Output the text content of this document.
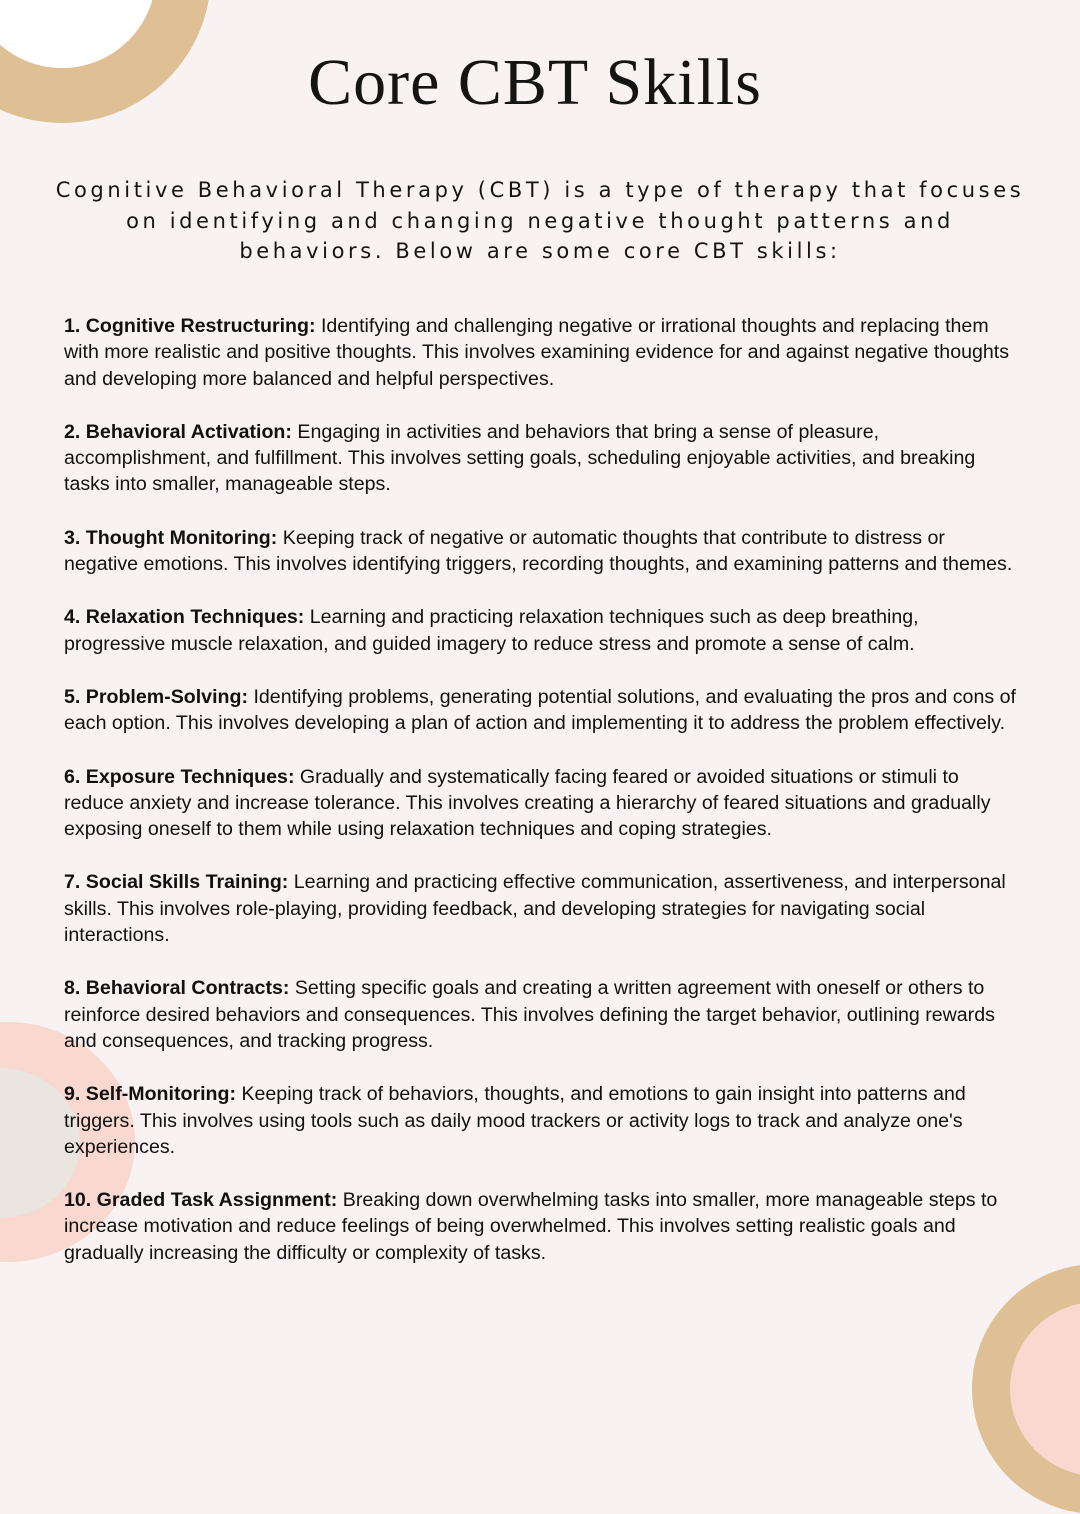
Core CBT Skills

Cognitive Behavioral Therapy (CBT) is a type of therapy that focuses on identifying and changing negative thought patterns and behaviors. Below are some core CBT skills:

1. Cognitive Restructuring: Identifying and challenging negative or irrational thoughts and replacing them with more realistic and positive thoughts. This involves examining evidence for and against negative thoughts and developing more balanced and helpful perspectives.
2. Behavioral Activation: Engaging in activities and behaviors that bring a sense of pleasure, accomplishment, and fulfillment. This involves setting goals, scheduling enjoyable activities, and breaking tasks into smaller, manageable steps.
3. Thought Monitoring: Keeping track of negative or automatic thoughts that contribute to distress or negative emotions. This involves identifying triggers, recording thoughts, and examining patterns and themes.
4. Relaxation Techniques: Learning and practicing relaxation techniques such as deep breathing, progressive muscle relaxation, and guided imagery to reduce stress and promote a sense of calm.
5. Problem-Solving: Identifying problems, generating potential solutions, and evaluating the pros and cons of each option. This involves developing a plan of action and implementing it to address the problem effectively.
6. Exposure Techniques: Gradually and systematically facing feared or avoided situations or stimuli to reduce anxiety and increase tolerance. This involves creating a hierarchy of feared situations and gradually exposing oneself to them while using relaxation techniques and coping strategies.
7. Social Skills Training: Learning and practicing effective communication, assertiveness, and interpersonal skills. This involves role-playing, providing feedback, and developing strategies for navigating social interactions.
8. Behavioral Contracts: Setting specific goals and creating a written agreement with oneself or others to reinforce desired behaviors and consequences. This involves defining the target behavior, outlining rewards and consequences, and tracking progress.
9. Self-Monitoring: Keeping track of behaviors, thoughts, and emotions to gain insight into patterns and triggers. This involves using tools such as daily mood trackers or activity logs to track and analyze one's experiences.
10. Graded Task Assignment: Breaking down overwhelming tasks into smaller, more manageable steps to increase motivation and reduce feelings of being overwhelmed. This involves setting realistic goals and gradually increasing the difficulty or complexity of tasks.
